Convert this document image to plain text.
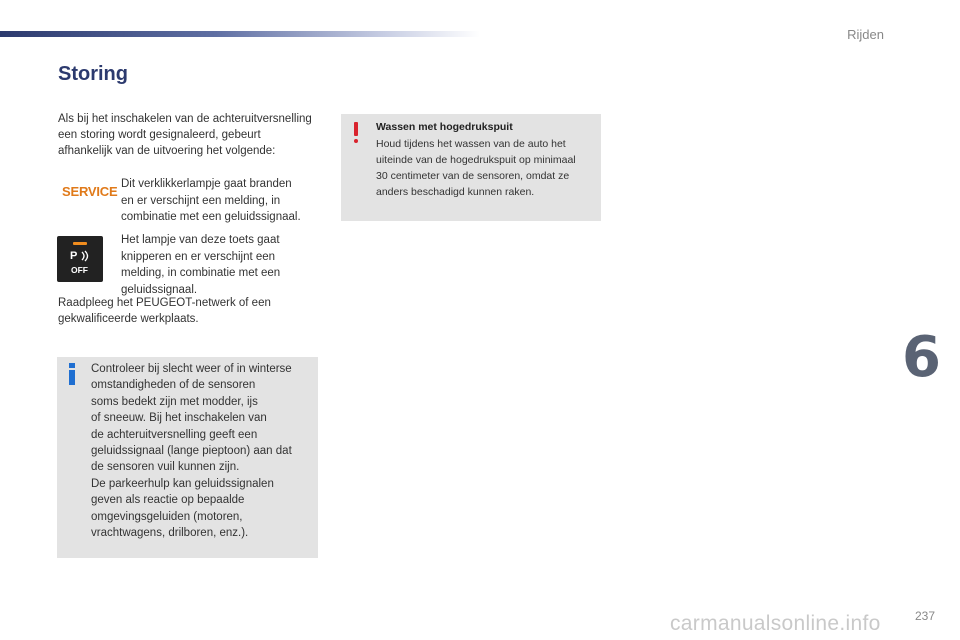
Rijden
Storing

Als bij het inschakelen van de achteruitversnelling
een storing wordt gesignaleerd, gebeurt
afhankelijk van de uitvoering het volgende:

SERVICE Dit verklikkerlampje gaat branden
en er verschijnt een melding, in
combinatie met een geluidssignaal.

P
OFF

Het lampje van deze toets gaat
knipperen en er verschijnt een
melding, in combinatie met een
geluidssignaal.

Raadpleeg het PEUGEOT-netwerk of een
gekwalificeerde werkplaats.

Wassen met hogedrukspuit

Houd tijdens het wassen van de auto het
uiteinde van de hogedrukspuit op minimaal
30 centimeter van de sensoren, omdat ze
anders beschadigd kunnen raken.

Controleer bij slecht weer of in winterse
omstandigheden of de sensoren
soms bedekt zijn met modder, ijs
of sneeuw. Bij het inschakelen van
de achteruitversnelling geeft een
geluidssignaal (lange pieptoon) aan dat
de sensoren vuil kunnen zijn.
De parkeerhulp kan geluidssignalen
geven als reactie op bepaalde
omgevingsgeluiden (motoren,
vrachtwagens, drilboren, enz.).

6
carmanualsonline.info	237
